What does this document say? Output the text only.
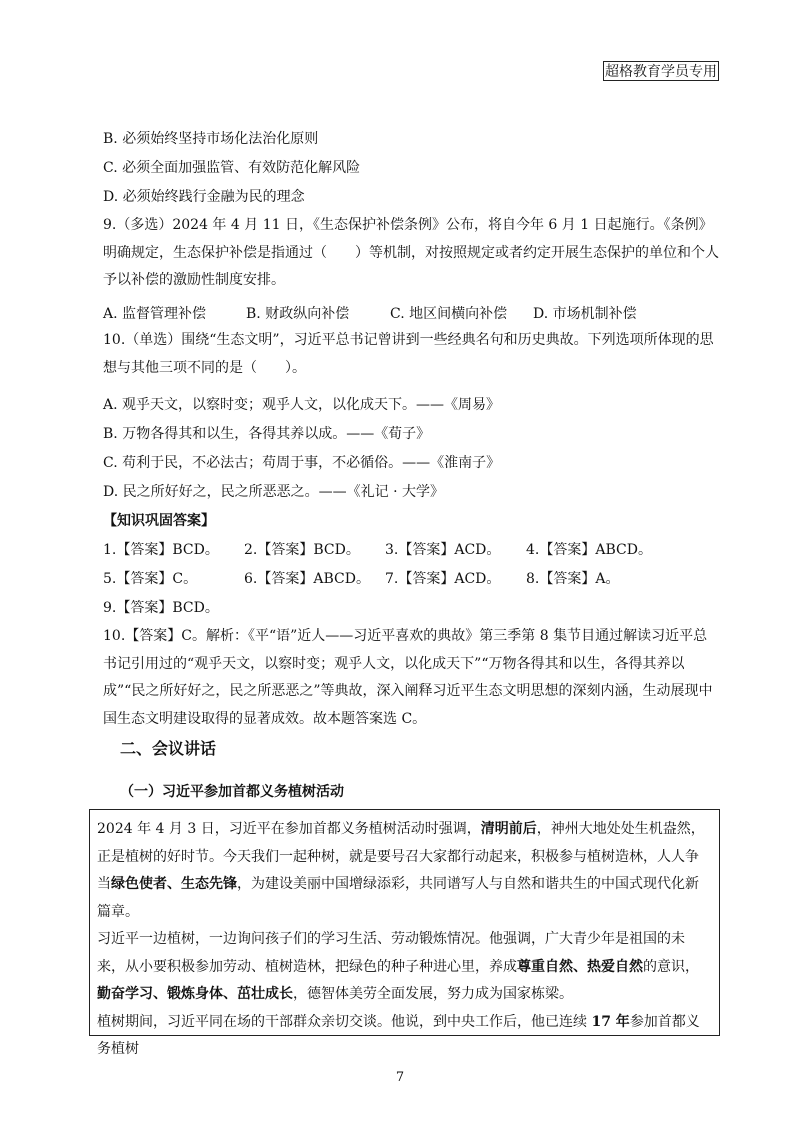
超格教育学员专用
B. 必须始终坚持市场化法治化原则
C. 必须全面加强监管、有效防范化解风险
D. 必须始终践行金融为民的理念
9.（多选）2024 年 4 月 11 日，《生态保护补偿条例》公布，将自今年 6 月 1 日起施行。《条例》明确规定，生态保护补偿是指通过（　　）等机制，对按照规定或者约定开展生态保护的单位和个人予以补偿的激励性制度安排。
A. 监督管理补偿	B. 财政纵向补偿	C. 地区间横向补偿 D. 市场机制补偿
10.（单选）围绕“生态文明”，习近平总书记曾讲到一些经典名句和历史典故。下列选项所体现的思想与其他三项不同的是（　　）。
A. 观乎天文，以察时变；观乎人文，以化成天下。——《周易》
B. 万物各得其和以生，各得其养以成。——《荀子》
C. 苟利于民，不必法古；苟周于事，不必循俗。——《淮南子》
D. 民之所好好之，民之所恶恶之。——《礼记 · 大学》
【知识巩固答案】
1.【答案】BCD。 2.【答案】BCD。 3.【答案】ACD。 4.【答案】ABCD。
5.【答案】C。	6.【答案】ABCD。 7.【答案】ACD。 8.【答案】A。
9.【答案】BCD。
10.【答案】C。解析：《平“语”近人——习近平喜欢的典故》第三季第 8 集节目通过解读习近平总书记引用过的“观乎天文，以察时变；观乎人文，以化成天下”“万物各得其和以生，各得其养以成”“民之所好好之，民之所恶恶之”等典故，深入阐释习近平生态文明思想的深刻内涵，生动展现中国生态文明建设取得的显著成效。故本题答案选 C。
二、会议讲话
（一）习近平参加首都义务植树活动

2024 年 4 月 3 日，习近平在参加首都义务植树活动时强调，清明前后，神州大地处处生机盎然，正是植树的好时节。今天我们一起种树，就是要号召大家都行动起来，积极参与植树造林，人人争当绿色使者、生态先锋，为建设美丽中国增绿添彩，共同谱写人与自然和谐共生的中国式现代化新篇章。

习近平一边植树，一边询问孩子们的学习生活、劳动锻炼情况。他强调，广大青少年是祖国的未来，从小要积极参加劳动、植树造林，把绿色的种子种进心里，养成尊重自然、热爱自然的意识，勤奋学习、锻炼身体、茁壮成长，德智体美劳全面发展，努力成为国家栋梁。

植树期间，习近平同在场的干部群众亲切交谈。他说，到中央工作后，他已连续 17 年参加首都义务植树

7
